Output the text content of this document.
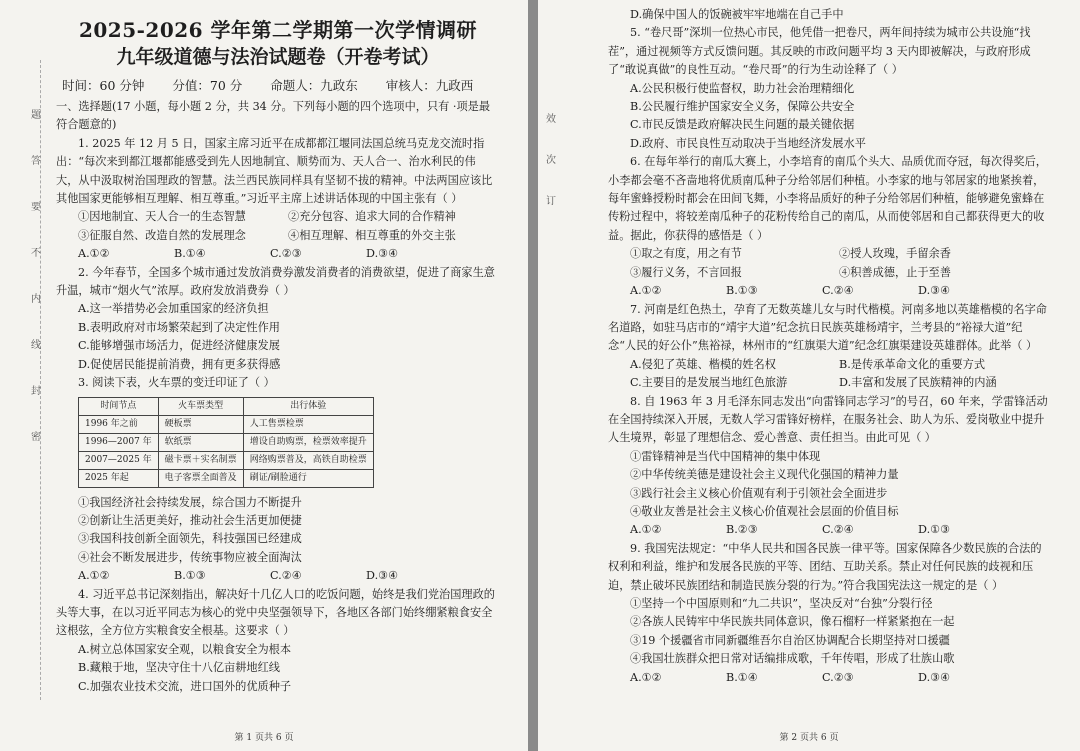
题
答
要
不
内
线
封
密
2025-2026 学年第二学期第一次学情调研
九年级道德与法治试题卷（开卷考试）
时间：60 分钟 分值：70 分 命题人：九政东 审核人：九政西
一、选择题(17 小题，每小题 2 分，共 34 分。下列每小题的四个选项中，只有 ·项是最符合题意的)
1. 2025 年 12 月 5 日，国家主席习近平在成都都江堰同法国总统马克龙交流时指出：“每次来到都江堰都能感受到先人因地制宜、顺势而为、天人合一、治水利民的伟大，从中汲取树治国理政的智慧。法兰西民族同样具有坚韧不拔的精神。中法两国应该比其他国家更能够相互理解、相互尊重。”习近平主席上述讲话体现的中国主张有（ ）
①因地制宜、天人合一的生态智慧	②充分包容、追求大同的合作精神
③征服自然、改造自然的发展理念	④相互理解、相互尊重的外交主张
A.①②	B.①④	C.②③	D.③④
2. 今年春节，全国多个城市通过发放消费券激发消费者的消费欲望，促进了商家生意升温，城市“烟火气”浓厚。政府发放消费券（ ）
A.这一举措势必会加重国家的经济负担
B.表明政府对市场繁荣起到了决定性作用
C.能够增强市场活力，促进经济健康发展
D.促使居民能提前消费，拥有更多获得感
3. 阅读下表，火车票的变迁印证了（ ）
时间节点	火车票类型	出行体验
1996 年之前	硬板票	人工售票检票
1996—2007 年	软纸票	增设自助购票，检票效率提升
2007—2025 年	磁卡票＋实名制票	网络购票普及，高铁自助检票
2025 年起	电子客票全面普及	刷证/刷脸通行
①我国经济社会持续发展，综合国力不断提升
②创新让生活更美好，推动社会生活更加便捷
③我国科技创新全面领先，科技强国已经建成
④社会不断发展进步，传统事物应被全面淘汰
A.①②	B.①③	C.②④	D.③④
4. 习近平总书记深刻指出，解决好十几亿人口的吃饭问题，始终是我们党治国理政的头等大事，在以习近平同志为核心的党中央坚强领导下，各地区各部门始终绷紧粮食安全这根弦，全方位方实粮食安全根基。这要求（ ）
A.树立总体国家安全观，以粮食安全为根本
B.藏粮于地，坚决守住十八亿亩耕地红线
C.加强农业技术交流，进口国外的优质种子
第 1 页共 6 页
效
次
订
D.确保中国人的饭碗被牢牢地端在自己手中
5. “卷尺哥”深圳一位热心市民，他凭借一把卷尺，两年间持续为城市公共设施“找茬”，通过视频等方式反馈问题。其反映的市政问题平均 3 天内即被解决，与政府形成了“敢说真做”的良性互动。“卷尺哥”的行为生动诠释了（ ）
A.公民积极行使监督权，助力社会治理精细化
B.公民履行维护国家安全义务，保障公共安全
C.市民反馈是政府解决民生问题的最关键依据
D.政府、市民良性互动取决于当地经济发展水平
6. 在每年举行的南瓜大赛上，小李培育的南瓜个头大、品质优而夺冠，每次得奖后，小李都会毫不吝啬地将优质南瓜种子分给邻居们种植。小李家的地与邻居家的地紧挨着，每年蜜蜂授粉时都会在田间飞舞，小李将品质好的种子分给邻居们种植，能够避免蜜蜂在传粉过程中，将较差南瓜种子的花粉传给自己的南瓜，从而使邻居和自己都获得更大的收益。据此，你获得的感悟是（ ）
①取之有度，用之有节	②授人玫瑰，手留余香
③履行义务，不言回报	④积善成德，止于至善
A.①②	B.①③	C.②④	D.③④
7. 河南是红色热土，孕育了无数英雄儿女与时代楷模。河南多地以英雄楷模的名字命名道路，如驻马店市的“靖宇大道”纪念抗日民族英雄杨靖宇，兰考县的“裕禄大道”纪念“人民的好公仆”焦裕禄，林州市的“红旗渠大道”纪念红旗渠建设英雄群体。此举（ ）
A.侵犯了英雄、楷模的姓名权	B.是传承革命文化的重要方式
C.主要目的是发展当地红色旅游	D.丰富和发展了民族精神的内涵
8. 自 1963 年 3 月毛泽东同志发出“向雷锋同志学习”的号召，60 年来，学雷锋活动在全国持续深入开展，无数人学习雷锋好榜样，在服务社会、助人为乐、爱岗敬业中提升人生境界，彰显了理想信念、爱心善意、责任担当。由此可见（ ）
①雷锋精神是当代中国精神的集中体现
②中华传统美德是建设社会主义现代化强国的精神力量
③践行社会主义核心价值观有利于引领社会全面进步
④敬业友善是社会主义核心价值观社会层面的价值目标
A.①②	B.②③	C.②④	D.①③
9. 我国宪法规定：“中华人民共和国各民族一律平等。国家保障各少数民族的合法的权利和利益，维护和发展各民族的平等、团结、互助关系。禁止对任何民族的歧视和压迫，禁止破坏民族团结和制造民族分裂的行为。”符合我国宪法这一规定的是（ ）
①坚持一个中国原则和“九二共识”，坚决反对“台独”分裂行径
②各族人民铸牢中华民族共同体意识，像石榴籽一样紧紧抱在一起
③19 个援疆省市同新疆维吾尔自治区协调配合长期坚持对口援疆
④我国壮族群众把日常对话编排成歌，千年传唱，形成了壮族山歌
A.①②	B.①④	C.②③	D.③④
第 2 页共 6 页
